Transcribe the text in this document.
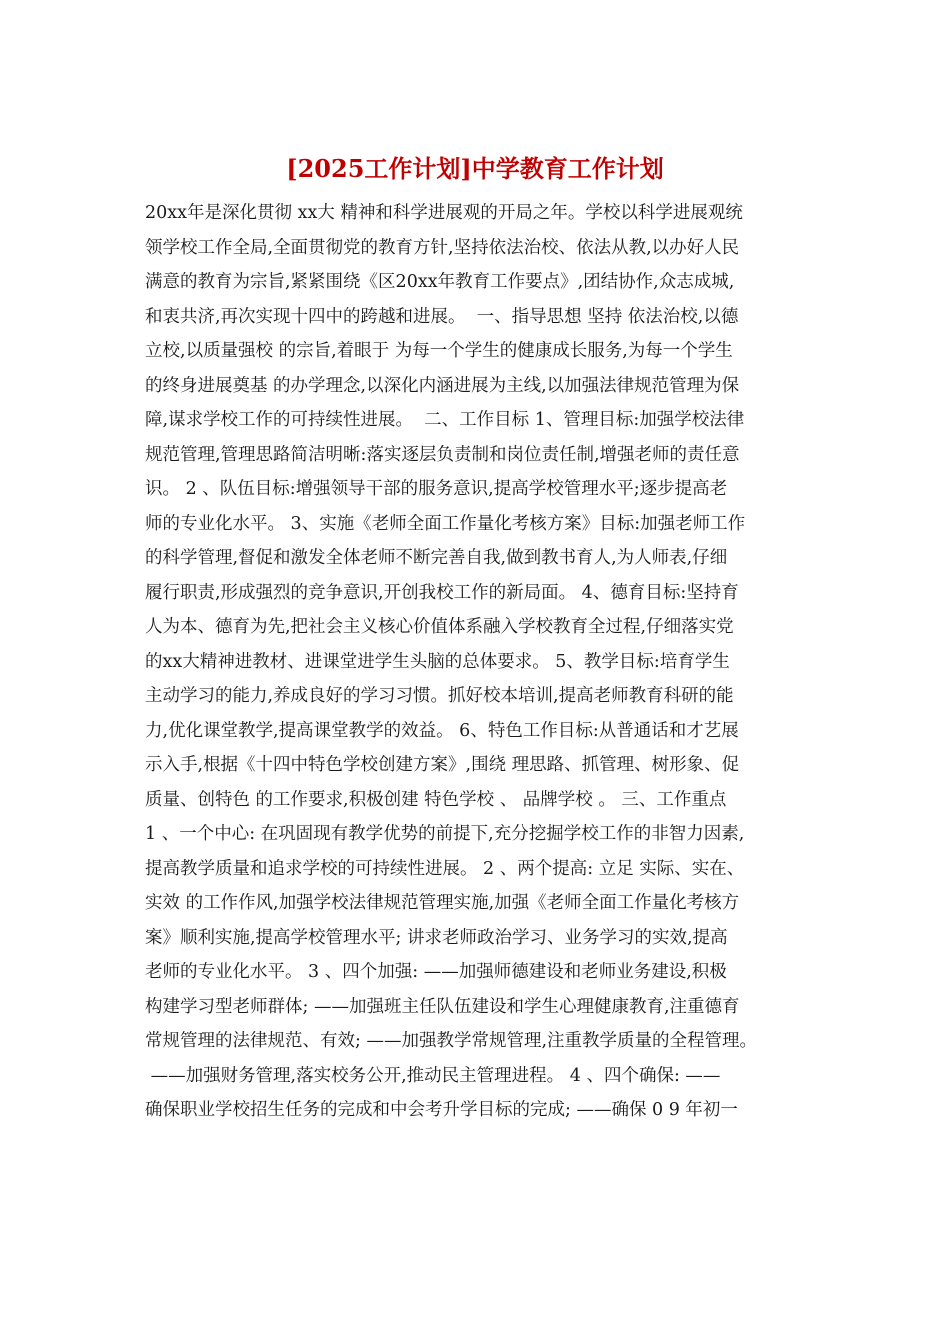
[2025工作计划]中学教育工作计划
20xx年是深化贯彻 xx大 精神和科学进展观的开局之年。学校以科学进展观统
领学校工作全局,全面贯彻党的教育方针,坚持依法治校、依法从教,以办好人民
满意的教育为宗旨,紧紧围绕《区20xx年教育工作要点》,团结协作,众志成城,
和衷共济,再次实现十四中的跨越和进展。  一、指导思想 坚持 依法治校,以德
立校,以质量强校 的宗旨,着眼于 为每一个学生的健康成长服务,为每一个学生
的终身进展奠基 的办学理念,以深化内涵进展为主线,以加强法律规范管理为保
障,谋求学校工作的可持续性进展。  二、工作目标 1、管理目标:加强学校法律
规范管理,管理思路简洁明晰:落实逐层负责制和岗位责任制,增强老师的责任意
识。 2 、队伍目标:增强领导干部的服务意识,提高学校管理水平;逐步提高老
师的专业化水平。 3、实施《老师全面工作量化考核方案》目标:加强老师工作
的科学管理,督促和激发全体老师不断完善自我,做到教书育人,为人师表,仔细
履行职责,形成强烈的竞争意识,开创我校工作的新局面。 4、德育目标:坚持育
人为本、德育为先,把社会主义核心价值体系融入学校教育全过程,仔细落实党
的xx大精神进教材、进课堂进学生头脑的总体要求。 5、教学目标:培育学生
主动学习的能力,养成良好的学习习惯。抓好校本培训,提高老师教育科研的能
力,优化课堂教学,提高课堂教学的效益。 6、特色工作目标:从普通话和才艺展
示入手,根据《十四中特色学校创建方案》,围绕 理思路、抓管理、树形象、促
质量、创特色 的工作要求,积极创建 特色学校 、 品牌学校 。 三、工作重点
1 、一个中心: 在巩固现有教学优势的前提下,充分挖掘学校工作的非智力因素,
提高教学质量和追求学校的可持续性进展。 2 、两个提高: 立足 实际、实在、
实效 的工作作风,加强学校法律规范管理实施,加强《老师全面工作量化考核方
案》顺利实施,提高学校管理水平; 讲求老师政治学习、业务学习的实效,提高
老师的专业化水平。 3 、四个加强: ——加强师德建设和老师业务建设,积极
构建学习型老师群体; ——加强班主任队伍建设和学生心理健康教育,注重德育
常规管理的法律规范、有效; ——加强教学常规管理,注重教学质量的全程管理。
——加强财务管理,落实校务公开,推动民主管理进程。 4 、四个确保: ——
确保职业学校招生任务的完成和中会考升学目标的完成; ——确保 0 9 年初一
